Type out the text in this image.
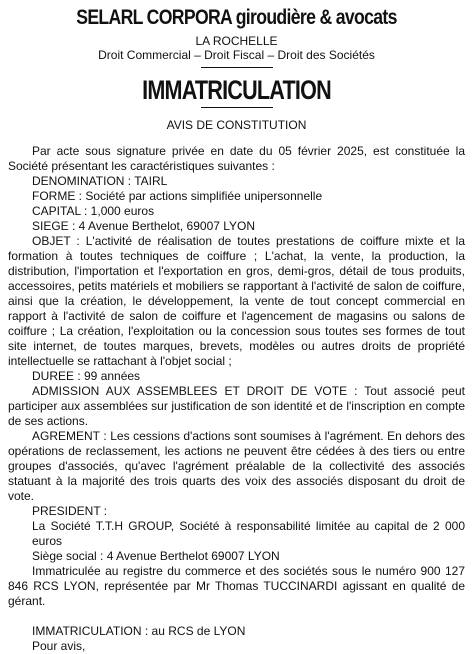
SELARL CORPORA giroudière & avocats
LA ROCHELLE
Droit Commercial – Droit Fiscal – Droit des Sociétés
IMMATRICULATION
AVIS DE CONSTITUTION

Par acte sous signature privée en date du 05 février 2025, est constituée la Société présentant les caractéristiques suivantes :

DENOMINATION : TAIRL

FORME : Société par actions simplifiée unipersonnelle

CAPITAL : 1,000 euros

SIEGE : 4 Avenue Berthelot, 69007 LYON

OBJET : L'activité de réalisation de toutes prestations de coiffure mixte et la formation à toutes techniques de coiffure ; L'achat, la vente, la production, la distribution, l'importation et l'exportation en gros, demi-gros, détail de tous produits, accessoires, petits matériels et mobiliers se rapportant à l'activité de salon de coiffure, ainsi que la création, le développement, la vente de tout concept commercial en rapport à l'activité de salon de coiffure et l'agencement de magasins ou salons de coiffure ; La création, l'exploitation ou la concession sous toutes ses formes de tout site internet, de toutes marques, brevets, modèles ou autres droits de propriété intellectuelle se rattachant à l'objet social ;

DUREE : 99 années

ADMISSION AUX ASSEMBLEES ET DROIT DE VOTE : Tout associé peut participer aux assemblées sur justification de son identité et de l'inscription en compte de ses actions.

AGREMENT : Les cessions d'actions sont soumises à l'agrément. En dehors des opérations de reclassement, les actions ne peuvent être cédées à des tiers ou entre groupes d'associés, qu'avec l'agrément préalable de la collectivité des associés statuant à la majorité des trois quarts des voix des associés disposant du droit de vote.

PRESIDENT :

La Société T.T.H GROUP, Société à responsabilité limitée au capital de 2 000 euros

Siège social : 4 Avenue Berthelot 69007 LYON

Immatriculée au registre du commerce et des sociétés sous le numéro 900 127 846 RCS LYON, représentée par Mr Thomas TUCCINARDI agissant en qualité de gérant.

IMMATRICULATION : au RCS de LYON

Pour avis,
